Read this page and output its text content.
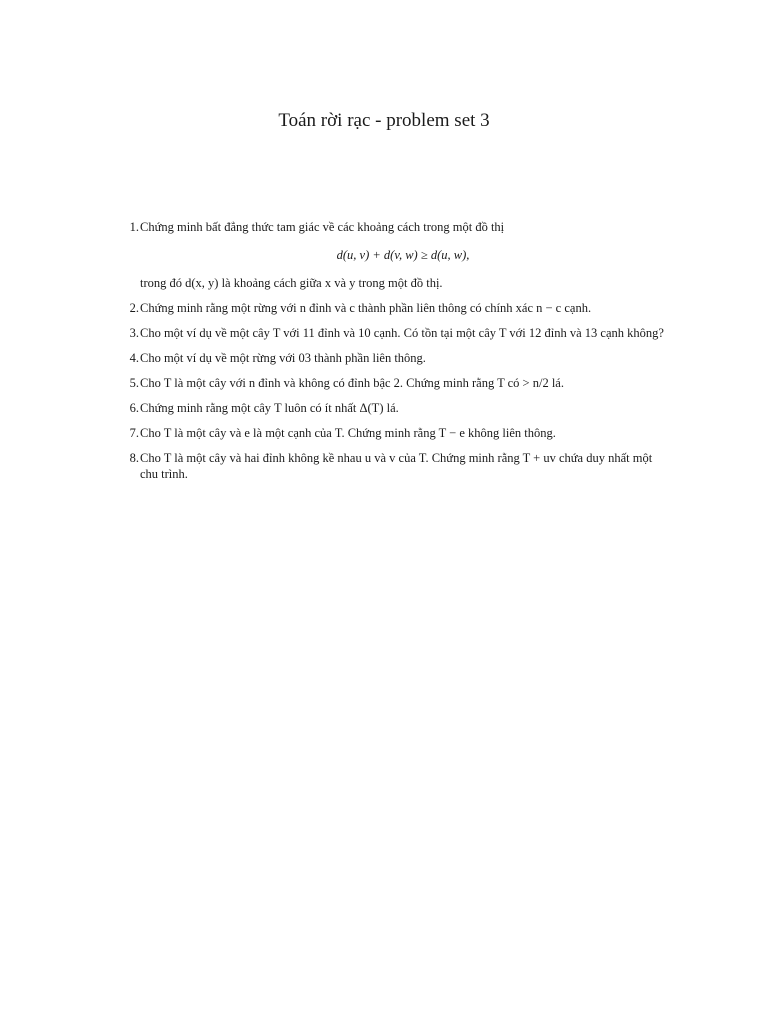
Toán rời rạc - problem set 3
1. Chứng minh bất đẳng thức tam giác về các khoảng cách trong một đồ thị
d(u, v) + d(v, w) ≥ d(u, w),
trong đó d(x, y) là khoảng cách giữa x và y trong một đồ thị.
2. Chứng minh rằng một rừng với n đỉnh và c thành phần liên thông có chính xác n − c cạnh.
3. Cho một ví dụ về một cây T với 11 đỉnh và 10 cạnh. Có tồn tại một cây T với 12 đỉnh và 13 cạnh không?
4. Cho một ví dụ về một rừng với 03 thành phần liên thông.
5. Cho T là một cây với n đỉnh và không có đỉnh bậc 2. Chứng minh rằng T có > n/2 lá.
6. Chứng minh rằng một cây T luôn có ít nhất Δ(T) lá.
7. Cho T là một cây và e là một cạnh của T. Chứng minh rằng T − e không liên thông.
8. Cho T là một cây và hai đỉnh không kề nhau u và v của T. Chứng minh rằng T + uv chứa duy nhất một chu trình.
